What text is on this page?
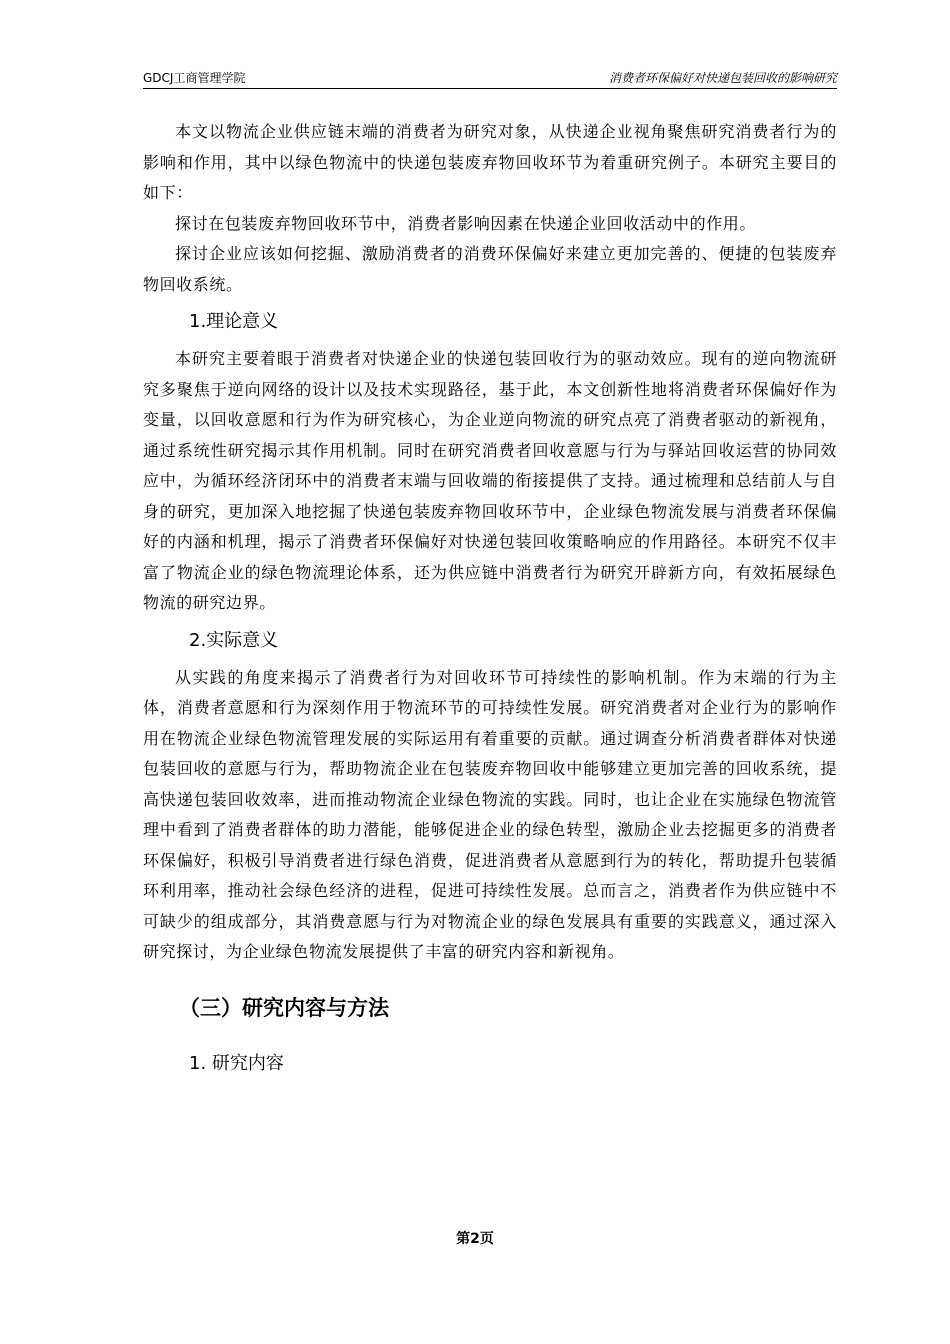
GDCJ工商管理学院	消费者环保偏好对快递包装回收的影响研究

本文以物流企业供应链末端的消费者为研究对象，从快递企业视角聚焦研究消费者行为的影响和作用，其中以绿色物流中的快递包装废弃物回收环节为着重研究例子。本研究主要目的如下：

探讨在包装废弃物回收环节中，消费者影响因素在快递企业回收活动中的作用。

探讨企业应该如何挖掘、激励消费者的消费环保偏好来建立更加完善的、便捷的包装废弃物回收系统。

1.理论意义

本研究主要着眼于消费者对快递企业的快递包装回收行为的驱动效应。现有的逆向物流研究多聚焦于逆向网络的设计以及技术实现路径，基于此，本文创新性地将消费者环保偏好作为变量，以回收意愿和行为作为研究核心，为企业逆向物流的研究点亮了消费者驱动的新视角，通过系统性研究揭示其作用机制。同时在研究消费者回收意愿与行为与驿站回收运营的协同效应中，为循环经济闭环中的消费者末端与回收端的衔接提供了支持。通过梳理和总结前人与自身的研究，更加深入地挖掘了快递包装废弃物回收环节中，企业绿色物流发展与消费者环保偏好的内涵和机理，揭示了消费者环保偏好对快递包装回收策略响应的作用路径。本研究不仅丰富了物流企业的绿色物流理论体系，还为供应链中消费者行为研究开辟新方向，有效拓展绿色物流的研究边界。

2.实际意义

从实践的角度来揭示了消费者行为对回收环节可持续性的影响机制。作为末端的行为主体，消费者意愿和行为深刻作用于物流环节的可持续性发展。研究消费者对企业行为的影响作用在物流企业绿色物流管理发展的实际运用有着重要的贡献。通过调查分析消费者群体对快递包装回收的意愿与行为，帮助物流企业在包装废弃物回收中能够建立更加完善的回收系统，提高快递包装回收效率，进而推动物流企业绿色物流的实践。同时，也让企业在实施绿色物流管理中看到了消费者群体的助力潜能，能够促进企业的绿色转型，激励企业去挖掘更多的消费者环保偏好，积极引导消费者进行绿色消费，促进消费者从意愿到行为的转化，帮助提升包装循环利用率，推动社会绿色经济的进程，促进可持续性发展。总而言之，消费者作为供应链中不可缺少的组成部分，其消费意愿与行为对物流企业的绿色发展具有重要的实践意义，通过深入研究探讨，为企业绿色物流发展提供了丰富的研究内容和新视角。

（三）研究内容与方法
1. 研究内容
第2页
